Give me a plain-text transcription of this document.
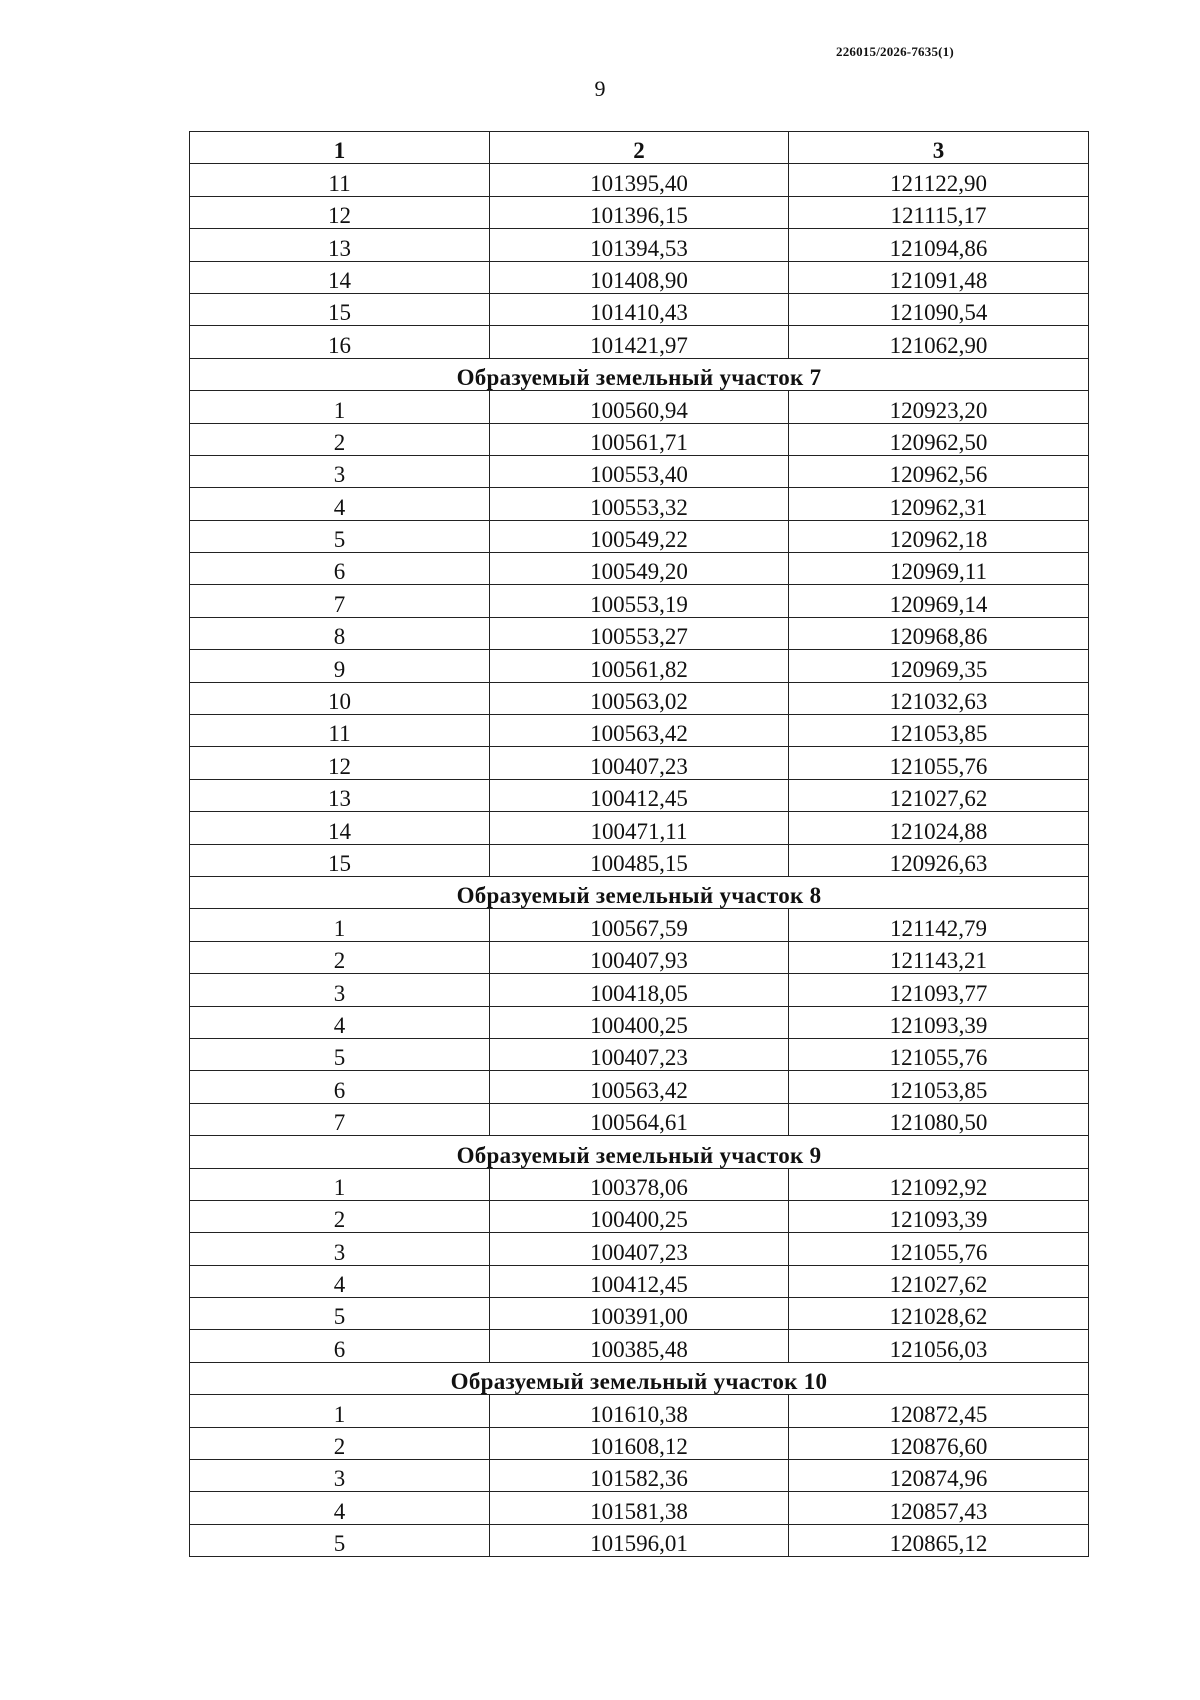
226015/2026-7635(1)
9
1	2	3
11	101395,40	121122,90
12	101396,15	121115,17
13	101394,53	121094,86
14	101408,90	121091,48
15	101410,43	121090,54
16	101421,97	121062,90
Образуемый земельный участок 7		
1	100560,94	120923,20
2	100561,71	120962,50
3	100553,40	120962,56
4	100553,32	120962,31
5	100549,22	120962,18
6	100549,20	120969,11
7	100553,19	120969,14
8	100553,27	120968,86
9	100561,82	120969,35
10	100563,02	121032,63
11	100563,42	121053,85
12	100407,23	121055,76
13	100412,45	121027,62
14	100471,11	121024,88
15	100485,15	120926,63
Образуемый земельный участок 8		
1	100567,59	121142,79
2	100407,93	121143,21
3	100418,05	121093,77
4	100400,25	121093,39
5	100407,23	121055,76
6	100563,42	121053,85
7	100564,61	121080,50
Образуемый земельный участок 9		
1	100378,06	121092,92
2	100400,25	121093,39
3	100407,23	121055,76
4	100412,45	121027,62
5	100391,00	121028,62
6	100385,48	121056,03
Образуемый земельный участок 10		
1	101610,38	120872,45
2	101608,12	120876,60
3	101582,36	120874,96
4	101581,38	120857,43
5	101596,01	120865,12
